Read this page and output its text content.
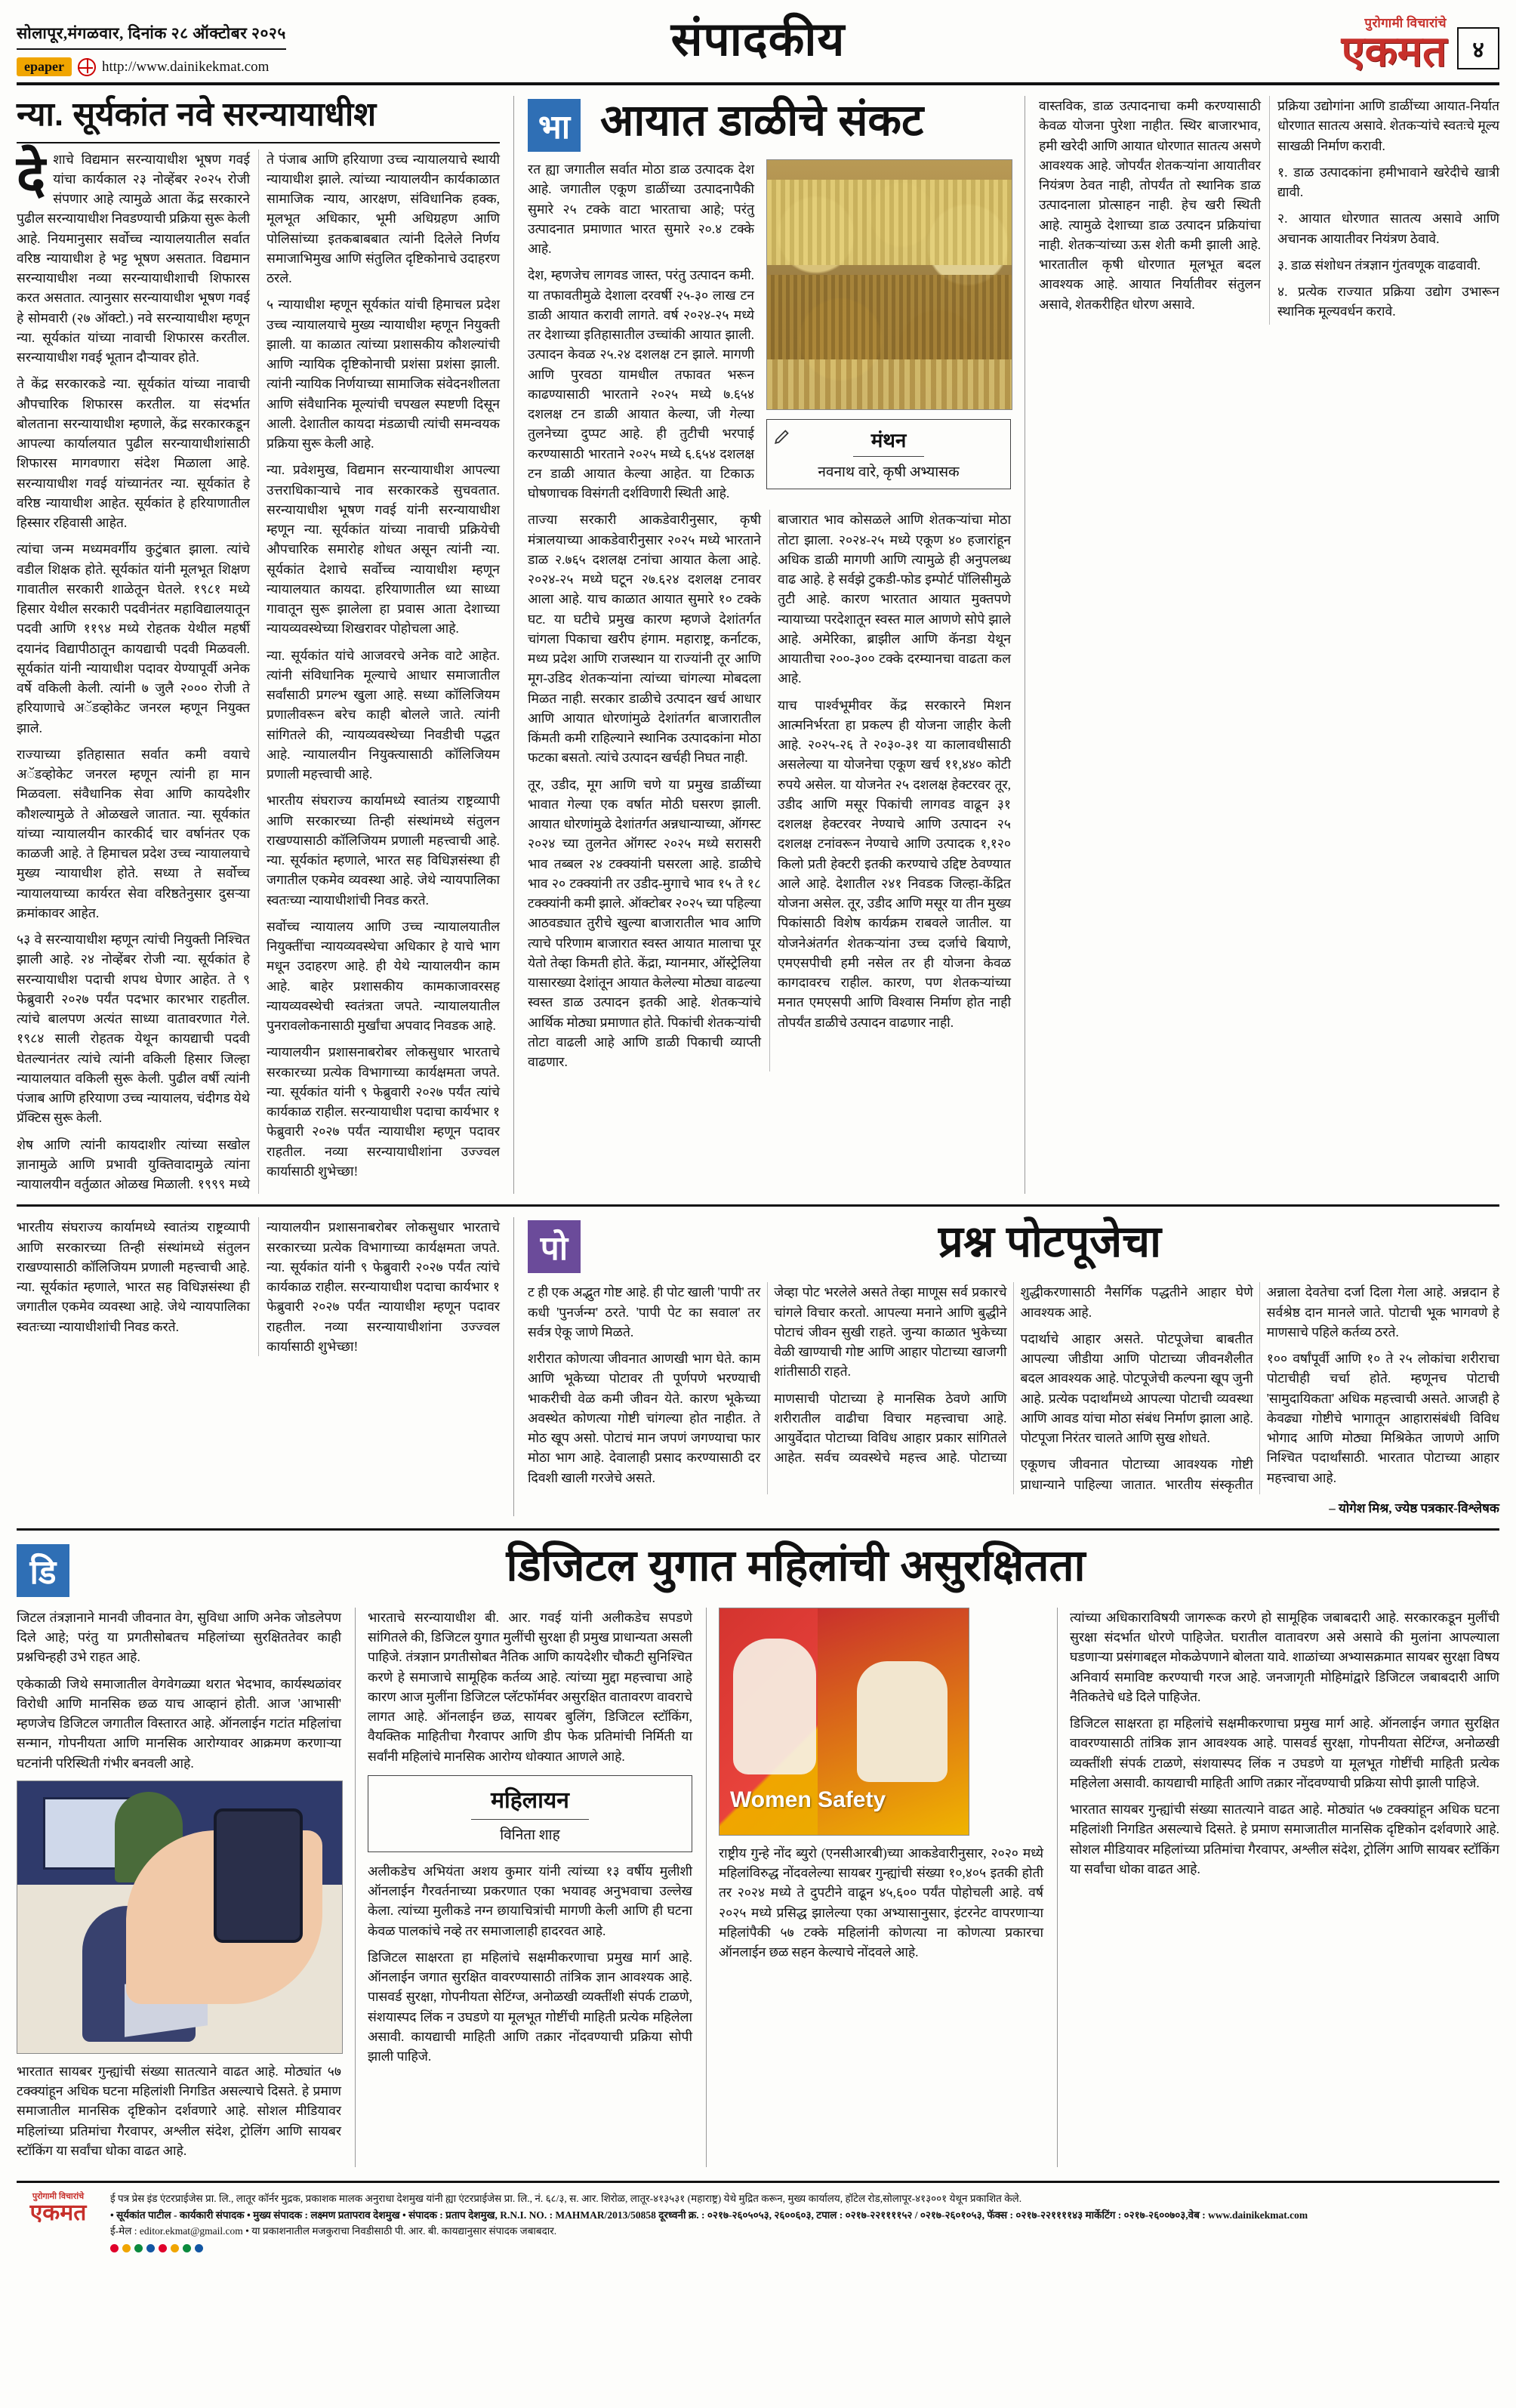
सोलापूर,मंगळवार, दिनांक २८ ऑक्टोबर २०२५
epaper	http://www.dainikekmat.com
संपादकीय	पुरोगामी विचारांचे
एकमत	४
न्या. सूर्यकांत नवे सरन्यायाधीश

देशाचे विद्यमान सरन्यायाधीश भूषण गवई यांचा कार्यकाल २३ नोव्हेंबर २०२५ रोजी संपणार आहे त्यामुळे आता केंद्र सरकारने पुढील सरन्यायाधीश निवडण्याची प्रक्रिया सुरू केली आहे. नियमानुसार सर्वोच्च न्यायालयातील सर्वात वरिष्ठ न्यायाधीश हे भट्ट भूषण असतात. विद्यमान सरन्यायाधीश नव्या सरन्यायाधीशाची शिफारस करत असतात. त्यानुसार सरन्यायाधीश भूषण गवई हे सोमवारी (२७ ऑक्टो.) नवे सरन्यायाधीश म्हणून न्या. सूर्यकांत यांच्या नावाची शिफारस करतील. सरन्यायाधीश गवई भूतान दौऱ्यावर होते.

ते केंद्र सरकारकडे न्या. सूर्यकांत यांच्या नावाची औपचारिक शिफारस करतील. या संदर्भात बोलताना सरन्यायाधीश म्हणाले, केंद्र सरकारकडून आपल्या कार्यालयात पुढील सरन्यायाधीशांसाठी शिफारस मागवणारा संदेश मिळाला आहे. सरन्यायाधीश गवई यांच्यानंतर न्या. सूर्यकांत हे वरिष्ठ न्यायाधीश आहेत. सूर्यकांत हे हरियाणातील हिस्सार रहिवासी आहेत.

त्यांचा जन्म मध्यमवर्गीय कुटुंबात झाला. त्यांचे वडील शिक्षक होते. सूर्यकांत यांनी मूलभूत शिक्षण गावातील सरकारी शाळेतून घेतले. १९८१ मध्ये हिसार येथील सरकारी पदवीनंतर महाविद्यालयातून पदवी आणि ११९४ मध्ये रोहतक येथील महर्षी दयानंद विद्यापीठातून कायद्याची पदवी मिळवली. सूर्यकांत यांनी न्यायाधीश पदावर येण्यापूर्वी अनेक वर्षे वकिली केली. त्यांनी ७ जुलै २००० रोजी ते हरियाणाचे अॅडव्होकेट जनरल म्हणून नियुक्त झाले.

राज्याच्या इतिहासात सर्वात कमी वयाचे अॅडव्होकेट जनरल म्हणून त्यांनी हा मान मिळवला. संवैधानिक सेवा आणि कायदेशीर कौशल्यामुळे ते ओळखले जातात. न्या. सूर्यकांत यांच्या न्यायालयीन कारकीर्द चार वर्षानंतर एक काळजी आहे. ते हिमाचल प्रदेश उच्च न्यायालयाचे मुख्य न्यायाधीश होते. सध्या ते सर्वोच्च न्यायालयाच्या कार्यरत सेवा वरिष्ठतेनुसार दुसऱ्या क्रमांकावर आहेत.

५३ वे सरन्यायाधीश म्हणून त्यांची नियुक्ती निश्चित झाली आहे. २४ नोव्हेंबर रोजी न्या. सूर्यकांत हे सरन्यायाधीश पदाची शपथ घेणार आहेत. ते ९ फेब्रुवारी २०२७ पर्यंत पदभार कारभार राहतील. त्यांचे बालपण अत्यंत साध्या वातावरणात गेले. १९८४ साली रोहतक येथून कायद्याची पदवी घेतल्यानंतर त्यांचे त्यांनी वकिली हिसार जिल्हा न्यायालयात वकिली सुरू केली. पुढील वर्षी त्यांनी पंजाब आणि हरियाणा उच्च न्यायालय, चंदीगड येथे प्रॅक्टिस सुरू केली.

शेष आणि त्यांनी कायदाशीर त्यांच्या सखोल ज्ञानामुळे आणि प्रभावी युक्तिवादामुळे त्यांना न्यायालयीन वर्तुळात ओळख मिळाली. १९९९ मध्ये ते पंजाब आणि हरियाणा उच्च न्यायालयाचे स्थायी न्यायाधीश झाले. त्यांच्या न्यायालयीन कार्यकाळात सामाजिक न्याय, आरक्षण, संविधानिक हक्क, मूलभूत अधिकार, भूमी अधिग्रहण आणि पोलिसांच्या इतकबाबबात त्यांनी दिलेले निर्णय समाजाभिमुख आणि संतुलित दृष्टिकोनाचे उदाहरण ठरले.

५ न्यायाधीश म्हणून सूर्यकांत यांची हिमाचल प्रदेश उच्च न्यायालयाचे मुख्य न्यायाधीश म्हणून नियुक्ती झाली. या काळात त्यांच्या प्रशासकीय कौशल्यांची आणि न्यायिक दृष्टिकोनाची प्रशंसा प्रशंसा झाली. त्यांनी न्यायिक निर्णयाच्या सामाजिक संवेदनशीलता आणि संवैधानिक मूल्यांची चपखल स्पष्टणी दिसून आली. देशातील कायदा मंडळाची त्यांची समन्वयक प्रक्रिया सुरू केली आहे.

न्या. प्रवेशमुख, विद्यमान सरन्यायाधीश आपल्या उत्तराधिकाऱ्याचे नाव सरकारकडे सुचवतात. सरन्यायाधीश भूषण गवई यांनी सरन्यायाधीश म्हणून न्या. सूर्यकांत यांच्या नावाची प्रक्रियेची औपचारिक समारोह शोधत असून त्यांनी न्या. सूर्यकांत देशाचे सर्वोच्च न्यायाधीश म्हणून न्यायालयात कायदा. हरियाणातील ध्या साध्या गावातून सुरू झालेला हा प्रवास आता देशाच्या न्यायव्यवस्थेच्या शिखरावर पोहोचला आहे.

न्या. सूर्यकांत यांचे आजवरचे अनेक वाटे आहेत. त्यांनी संविधानिक मूल्याचे आधार समाजातील सर्वांसाठी प्रगल्भ खुला आहे. सध्या कॉलिजियम प्रणालीवरून बरेच काही बोलले जाते. त्यांनी सांगितले की, न्यायव्यवस्थेच्या निवडीची पद्धत आहे. न्यायालयीन नियुक्त्यासाठी कॉलिजियम प्रणाली महत्त्वाची आहे.

भारतीय संघराज्य कार्यामध्ये स्वातंत्र्य राष्ट्रव्यापी आणि सरकारच्या तिन्ही संस्थांमध्ये संतुलन राखण्यासाठी कॉलिजियम प्रणाली महत्त्वाची आहे. न्या. सूर्यकांत म्हणाले, भारत सह विधिज्ञसंस्था ही जगातील एकमेव व्यवस्था आहे. जेथे न्यायपालिका स्वतःच्या न्यायाधीशांची निवड करते.

सर्वोच्च न्यायालय आणि उच्च न्यायालयातील नियुक्तींचा न्यायव्यवस्थेचा अधिकार हे याचे भाग मधून उदाहरण आहे. ही येथे न्यायालयीन काम आहे. बाहेर प्रशासकीय कामकाजावरसह न्यायव्यवस्थेची स्वतंत्रता जपते. न्यायालयातील पुनरावलोकनासाठी मुर्खांचा अपवाद निवडक आहे.

न्यायालयीन प्रशासनाबरोबर लोकसुधार भारताचे सरकारच्या प्रत्येक विभागाच्या कार्यक्षमता जपते. न्या. सूर्यकांत यांनी ९ फेब्रुवारी २०२७ पर्यंत त्यांचे कार्यकाळ राहील. सरन्यायाधीश पदाचा कार्यभार १ फेब्रुवारी २०२७ पर्यंत न्यायाधीश म्हणून पदावर राहतील. नव्या सरन्यायाधीशांना उज्ज्वल कार्यासाठी शुभेच्छा!

भा आयात डाळीचे संकट

रत ह्या जगातील सर्वात मोठा डाळ उत्पादक देश आहे. जगातील एकूण डाळींच्या उत्पादनापैकी सुमारे २५ टक्के वाटा भारताचा आहे; परंतु उत्पादनात प्रमाणात भारत सुमारे २०.४ टक्के आहे.

देश, म्हणजेच लागवड जास्त, परंतु उत्पादन कमी. या तफावतीमुळे देशाला दरवर्षी २५-३० लाख टन डाळी आयात करावी लागते. वर्ष २०२४-२५ मध्ये तर देशाच्या इतिहासातील उच्चांकी आयात झाली. उत्पादन केवळ २५.२४ दशलक्ष टन झाले. मागणी आणि पुरवठा यामधील तफावत भरून काढण्यासाठी भारताने २०२५ मध्ये ७.६५४ दशलक्ष टन डाळी आयात केल्या, जी गेल्या तुलनेच्या दुप्पट आहे. ही तुटीची भरपाई करण्यासाठी भारताने २०२५ मध्ये ६.६५४ दशलक्ष टन डाळी आयात केल्या आहेत. या टिकाऊ घोषणाचक विसंगती दर्शविणारी स्थिती आहे.

मंथन
नवनाथ वारे, कृषी अभ्यासक

ताज्या सरकारी आकडेवारीनुसार, कृषी मंत्रालयाच्या आकडेवारीनुसार २०२५ मध्ये भारताने डाळ २.७६५ दशलक्ष टनांचा आयात केला आहे. २०२४-२५ मध्ये घटून २७.६२४ दशलक्ष टनावर आला आहे. याच काळात आयात सुमारे १० टक्के घट. या घटीचे प्रमुख कारण म्हणजे देशांतर्गत चांगला पिकाचा खरीप हंगाम. महाराष्ट्र, कर्नाटक, मध्य प्रदेश आणि राजस्थान या राज्यांनी तूर आणि मूग-उडिद शेतकऱ्यांना त्यांच्या चांगल्या मोबदला मिळत नाही. सरकार डाळीचे उत्पादन खर्च आधार आणि आयात धोरणांमुळे देशांतर्गत बाजारातील किंमती कमी राहिल्याने स्थानिक उत्पादकांना मोठा फटका बसतो. त्यांचे उत्पादन खर्चही निघत नाही.

तूर, उडीद, मूग आणि चणे या प्रमुख डाळींच्या भावात गेल्या एक वर्षात मोठी घसरण झाली. आयात धोरणांमुळे देशांतर्गत अन्नधान्याच्या, ऑगस्ट २०२४ च्या तुलनेत ऑगस्ट २०२५ मध्ये सरासरी भाव तब्बल २४ टक्क्यांनी घसरला आहे. डाळीचे भाव २० टक्क्यांनी तर उडीद-मुगाचे भाव १५ ते १८ टक्क्यांनी कमी झाले. ऑक्टोबर २०२५ च्या पहिल्या आठवड्यात तुरीचे खुल्या बाजारातील भाव आणि त्याचे परिणाम बाजारात स्वस्त आयात मालाचा पूर येतो तेव्हा किमती होते. केंद्रा, म्यानमार, ऑस्ट्रेलिया यासारख्या देशांतून आयात केलेल्या मोठ्या वाढल्या स्वस्त डाळ उत्पादन इतकी आहे. शेतकऱ्यांचे आर्थिक मोठ्या प्रमाणात होते. पिकांची शेतकऱ्यांची तोटा वाढली आहे आणि डाळी पिकाची व्याप्ती वाढणार.

बाजारात भाव कोसळले आणि शेतकऱ्यांचा मोठा तोटा झाला. २०२४-२५ मध्ये एकूण ४० हजारांहून अधिक डाळी मागणी आणि त्यामुळे ही अनुपलब्ध वाढ आहे. हे सर्वझे टुकडी-फोड इम्पोर्ट पॉलिसीमुळे तुटी आहे. कारण भारतात आयात मुक्तपणे न्यायाच्या परदेशातून स्वस्त माल आणणे सोपे झाले आहे. अमेरिका, ब्राझील आणि कॅनडा येथून आयातीचा २००-३०० टक्के दरम्यानचा वाढता कल आहे.

याच पार्श्वभूमीवर केंद्र सरकारने मिशन आत्मनिर्भरता हा प्रकल्प ही योजना जाहीर केली आहे. २०२५-२६ ते २०३०-३१ या कालावधीसाठी असलेल्या या योजनेचा एकूण खर्च ११,४४० कोटी रुपये असेल. या योजनेत २५ दशलक्ष हेक्टरवर तूर, उडीद आणि मसूर पिकांची लागवड वाढून ३१ दशलक्ष हेक्टरवर नेण्याचे आणि उत्पादन २५ दशलक्ष टनांवरून नेण्याचे आणि उत्पादक १,१२० किलो प्रती हेक्टरी इतकी करण्याचे उद्दिष्ट ठेवण्यात आले आहे. देशातील २४१ निवडक जिल्हा-केंद्रित योजना असेल. तूर, उडीद आणि मसूर या तीन मुख्य पिकांसाठी विशेष कार्यक्रम राबवले जातील. या योजनेअंतर्गत शेतकऱ्यांना उच्च दर्जाचे बियाणे, एमएसपीची हमी नसेल तर ही योजना केवळ कागदावरच राहील. कारण, पण शेतकऱ्यांच्या मनात एमएसपी आणि विश्वास निर्माण होत नाही तोपर्यंत डाळीचे उत्पादन वाढणार नाही.

वास्तविक, डाळ उत्पादनाचा कमी करण्यासाठी केवळ योजना पुरेशा नाहीत. स्थिर बाजारभाव, हमी खरेदी आणि आयात धोरणात सातत्य असणे आवश्यक आहे. जोपर्यंत शेतकऱ्यांना आयातीवर नियंत्रण ठेवत नाही, तोपर्यंत तो स्थानिक डाळ उत्पादनाला प्रोत्साहन नाही. हेच खरी स्थिती आहे. त्यामुळे देशाच्या डाळ उत्पादन प्रक्रियांचा नाही. शेतकऱ्यांच्या ऊस शेती कमी झाली आहे. भारतातील कृषी धोरणात मूलभूत बदल आवश्यक आहे. आयात निर्यातीवर संतुलन असावे, शेतकरीहित धोरण असावे.

प्रक्रिया उद्योगांना आणि डाळींच्या आयात-निर्यात धोरणात सातत्य असावे. शेतकऱ्यांचे स्वतःचे मूल्य साखळी निर्माण करावी.

१. डाळ उत्पादकांना हमीभावाने खरेदीचे खात्री द्यावी.

२. आयात धोरणात सातत्य असावे आणि अचानक आयातीवर नियंत्रण ठेवावे.

३. डाळ संशोधन तंत्रज्ञान गुंतवणूक वाढवावी.

४. प्रत्येक राज्यात प्रक्रिया उद्योग उभारून स्थानिक मूल्यवर्धन करावे.

भारतीय संघराज्य कार्यामध्ये स्वातंत्र्य राष्ट्रव्यापी आणि सरकारच्या तिन्ही संस्थांमध्ये संतुलन राखण्यासाठी कॉलिजियम प्रणाली महत्त्वाची आहे. न्या. सूर्यकांत म्हणाले, भारत सह विधिज्ञसंस्था ही जगातील एकमेव व्यवस्था आहे. जेथे न्यायपालिका स्वतःच्या न्यायाधीशांची निवड करते.

न्यायालयीन प्रशासनाबरोबर लोकसुधार भारताचे सरकारच्या प्रत्येक विभागाच्या कार्यक्षमता जपते. न्या. सूर्यकांत यांनी ९ फेब्रुवारी २०२७ पर्यंत त्यांचे कार्यकाळ राहील. सरन्यायाधीश पदाचा कार्यभार १ फेब्रुवारी २०२७ पर्यंत न्यायाधीश म्हणून पदावर राहतील. नव्या सरन्यायाधीशांना उज्ज्वल कार्यासाठी शुभेच्छा!

पो	प्रश्न पोटपूजेचा

ट ही एक अद्भुत गोष्ट आहे. ही पोट खाली 'पापी' तर कधी 'पुनर्जन्म' ठरते. 'पापी पेट का सवाल' तर सर्वत्र ऐकू जाणे मिळते.

शरीरात कोणत्या जीवनात आणखी भाग घेते. काम आणि भूकेच्या पोटावर ती पूर्णपणे भरण्याची भाकरीची वेळ कमी जीवन येते. कारण भूकेच्या अवस्थेत कोणत्या गोष्टी चांगल्या होत नाहीत. ते मोठ खूप असो. पोटाचं मान जपणं जगण्याचा फार मोठा भाग आहे. देवालाही प्रसाद करण्यासाठी दर दिवशी खाली गरजेचे असते.

जेव्हा पोट भरलेले असते तेव्हा माणूस सर्व प्रकारचे चांगले विचार करतो. आपल्या मनाने आणि बुद्धीने पोटाचं जीवन सुखी राहते. जुन्या काळात भुकेच्या वेळी खाण्याची गोष्ट आणि आहार पोटाच्या खाजगी शांतीसाठी राहते.

माणसाची पोटाच्या हे मानसिक ठेवणे आणि शरीरातील वाढीचा विचार महत्त्वाचा आहे. आयुर्वेदात पोटाच्या विविध आहार प्रकार सांगितले आहेत. सर्वच व्यवस्थेचे महत्त्व आहे. पोटाच्या शुद्धीकरणासाठी नैसर्गिक पद्धतीने आहार घेणे आवश्यक आहे.

पदार्थाचे आहार असते. पोटपूजेचा बाबतीत आपल्या जीडीया आणि पोटाच्या जीवनशैलीत बदल आवश्यक आहे. पोटपूजेची कल्पना खूप जुनी आहे. प्रत्येक पदार्थांमध्ये आपल्या पोटाची व्यवस्था आणि आवड यांचा मोठा संबंध निर्माण झाला आहे. पोटपूजा निरंतर चालते आणि सुख शोधते.

एकूणच जीवनात पोटाच्या आवश्यक गोष्टी प्राधान्याने पाहिल्या जातात. भारतीय संस्कृतीत अन्नाला देवतेचा दर्जा दिला गेला आहे. अन्नदान हे सर्वश्रेष्ठ दान मानले जाते. पोटाची भूक भागवणे हे माणसाचे पहिले कर्तव्य ठरते.

१०० वर्षांपूर्वी आणि १० ते २५ लोकांचा शरीराचा पोटाचीही चर्चा होते. म्हणूनच पोटाची 'सामुदायिकता' अधिक महत्त्वाची असते. आजही हे केवढ्या गोष्टीचे भागातून आहारासंबंधी विविध भोगाद आणि मोठ्या मिश्रिकेत जाणणे आणि निश्चित पदार्थांसाठी. भारतात पोटाच्या आहार महत्त्वाचा आहे.

– योगेश मिश्र, ज्येष्ठ पत्रकार-विश्लेषक
डि	डिजिटल युगात महिलांची असुरक्षितता

जिटल तंत्रज्ञानाने मानवी जीवनात वेग, सुविधा आणि अनेक जोडलेपण दिले आहे; परंतु या प्रगतीसोबतच महिलांच्या सुरक्षिततेवर काही प्रश्नचिन्हही उभे राहत आहे.

एकेकाळी जिथे समाजातील वेगवेगळ्या थरात भेदभाव, कार्यस्थळांवर विरोधी आणि मानसिक छळ याच आव्हानं होती. आज 'आभासी' म्हणजेच डिजिटल जगातील विस्तारत आहे. ऑनलाईन गटांत महिलांचा सन्मान, गोपनीयता आणि मानसिक आरोग्यावर आक्रमण करणाऱ्या घटनांनी परिस्थिती गंभीर बनवली आहे.

भारतात सायबर गुन्ह्यांची संख्या सातत्याने वाढत आहे. मोठ्यांत ५७ टक्क्यांहून अधिक घटना महिलांशी निगडित असल्याचे दिसते. हे प्रमाण समाजातील मानसिक दृष्टिकोन दर्शवणारे आहे. सोशल मीडियावर महिलांच्या प्रतिमांचा गैरवापर, अश्लील संदेश, ट्रोलिंग आणि सायबर स्टॉकिंग या सर्वांचा धोका वाढत आहे.

भारताचे सरन्यायाधीश बी. आर. गवई यांनी अलीकडेच सपडणे सांगितले की, डिजिटल युगात मुलींची सुरक्षा ही प्रमुख प्राधान्यता असली पाहिजे. तंत्रज्ञान प्रगतीसोबत नैतिक आणि कायदेशीर चौकटी सुनिश्चित करणे हे समाजाचे सामूहिक कर्तव्य आहे. त्यांच्या मुद्दा महत्त्वाचा आहे कारण आज मुलींना डिजिटल प्लॅटफॉर्मवर असुरक्षित वातावरण वावराचे लागत आहे. ऑनलाईन छळ, सायबर बुलिंग, डिजिटल स्टॉकिंग, वैयक्तिक माहितीचा गैरवापर आणि डीप फेक प्रतिमांची निर्मिती या सर्वांनी महिलांचे मानसिक आरोग्य धोक्यात आणले आहे.

महिलायन
विनिता शाह

अलीकडेच अभियंता अशय कुमार यांनी त्यांच्या १३ वर्षीय मुलीशी ऑनलाईन गैरवर्तनाच्या प्रकरणात एका भयावह अनुभवाचा उल्लेख केला. त्यांच्या मुलीकडे नग्न छायाचित्रांची मागणी केली आणि ही घटना केवळ पालकांचे नव्हे तर समाजालाही हादरवत आहे.

डिजिटल साक्षरता हा महिलांचे सक्षमीकरणाचा प्रमुख मार्ग आहे. ऑनलाईन जगात सुरक्षित वावरण्यासाठी तांत्रिक ज्ञान आवश्यक आहे. पासवर्ड सुरक्षा, गोपनीयता सेटिंग्ज, अनोळखी व्यक्तींशी संपर्क टाळणे, संशयास्पद लिंक न उघडणे या मूलभूत गोष्टींची माहिती प्रत्येक महिलेला असावी. कायद्याची माहिती आणि तक्रार नोंदवण्याची प्रक्रिया सोपी झाली पाहिजे.

Women Safety

राष्ट्रीय गुन्हे नोंद ब्युरो (एनसीआरबी)च्या आकडेवारीनुसार, २०२० मध्ये महिलांविरुद्ध नोंदवलेल्या सायबर गुन्ह्यांची संख्या १०,४०५ इतकी होती तर २०२४ मध्ये ते दुपटीने वाढून ४५,६०० पर्यंत पोहोचली आहे. वर्ष २०२५ मध्ये प्रसिद्ध झालेल्या एका अभ्यासानुसार, इंटरनेट वापरणाऱ्या महिलांपैकी ५७ टक्के महिलांनी कोणत्या ना कोणत्या प्रकारचा ऑनलाईन छळ सहन केल्याचे नोंदवले आहे.

त्यांच्या अधिकाराविषयी जागरूक करणे हो सामूहिक जबाबदारी आहे. सरकारकडून मुलींची सुरक्षा संदर्भात धोरणे पाहिजेत. घरातील वातावरण असे असावे की मुलांना आपल्याला घडणाऱ्या प्रसंगाबद्दल मोकळेपणाने बोलता यावे. शाळांच्या अभ्यासक्रमात सायबर सुरक्षा विषय अनिवार्य समाविष्ट करण्याची गरज आहे. जनजागृती मोहिमांद्वारे डिजिटल जबाबदारी आणि नैतिकतेचे धडे दिले पाहिजेत.

डिजिटल साक्षरता हा महिलांचे सक्षमीकरणाचा प्रमुख मार्ग आहे. ऑनलाईन जगात सुरक्षित वावरण्यासाठी तांत्रिक ज्ञान आवश्यक आहे. पासवर्ड सुरक्षा, गोपनीयता सेटिंग्ज, अनोळखी व्यक्तींशी संपर्क टाळणे, संशयास्पद लिंक न उघडणे या मूलभूत गोष्टींची माहिती प्रत्येक महिलेला असावी. कायद्याची माहिती आणि तक्रार नोंदवण्याची प्रक्रिया सोपी झाली पाहिजे.

भारतात सायबर गुन्ह्यांची संख्या सातत्याने वाढत आहे. मोठ्यांत ५७ टक्क्यांहून अधिक घटना महिलांशी निगडित असल्याचे दिसते. हे प्रमाण समाजातील मानसिक दृष्टिकोन दर्शवणारे आहे. सोशल मीडियावर महिलांच्या प्रतिमांचा गैरवापर, अश्लील संदेश, ट्रोलिंग आणि सायबर स्टॉकिंग या सर्वांचा धोका वाढत आहे.

पुरोगामी विचारांचे
एकमत
ई पत्र प्रेस इंड एंटरप्राईजेस प्रा. लि., लातूर कॉर्नर मुद्रक, प्रकाशक मालक अनुराधा देशमुख यांनी ह्या एंटरप्राईजेस प्रा. लि., नं. ६८/३, स. आर. शिरोळ, लातूर-४१३५३१ (महाराष्ट्र) येथे मुद्रित करून, मुख्य कार्यालय, हॉटेल रोड,सोलापूर-४१३००१ येथून प्रकाशित केले.
• सूर्यकांत पाटील - कार्यकारी संपादक • मुख्य संपादक : लक्ष्मण प्रतापराव देशमुख • संपादक : प्रताप देशमुख, R.N.I. NO. : MAHMAR/2013/50858 दूरध्वनी क्र. : ०२१७-२६०५०५३, २६००६०३, टपाल : ०२१७-२२११११५२ / ०२१७-२६०१०५३, फॅक्स : ०२१७-२२११११४३ मार्केटिंग : ०२१७-२६००७०३,वेब : www.dainikekmat.com
ई-मेल : editor.ekmat@gmail.com • या प्रकाशनातील मजकुराचा निवडीसाठी पी. आर. बी. कायद्यानुसार संपादक जबाबदार.
